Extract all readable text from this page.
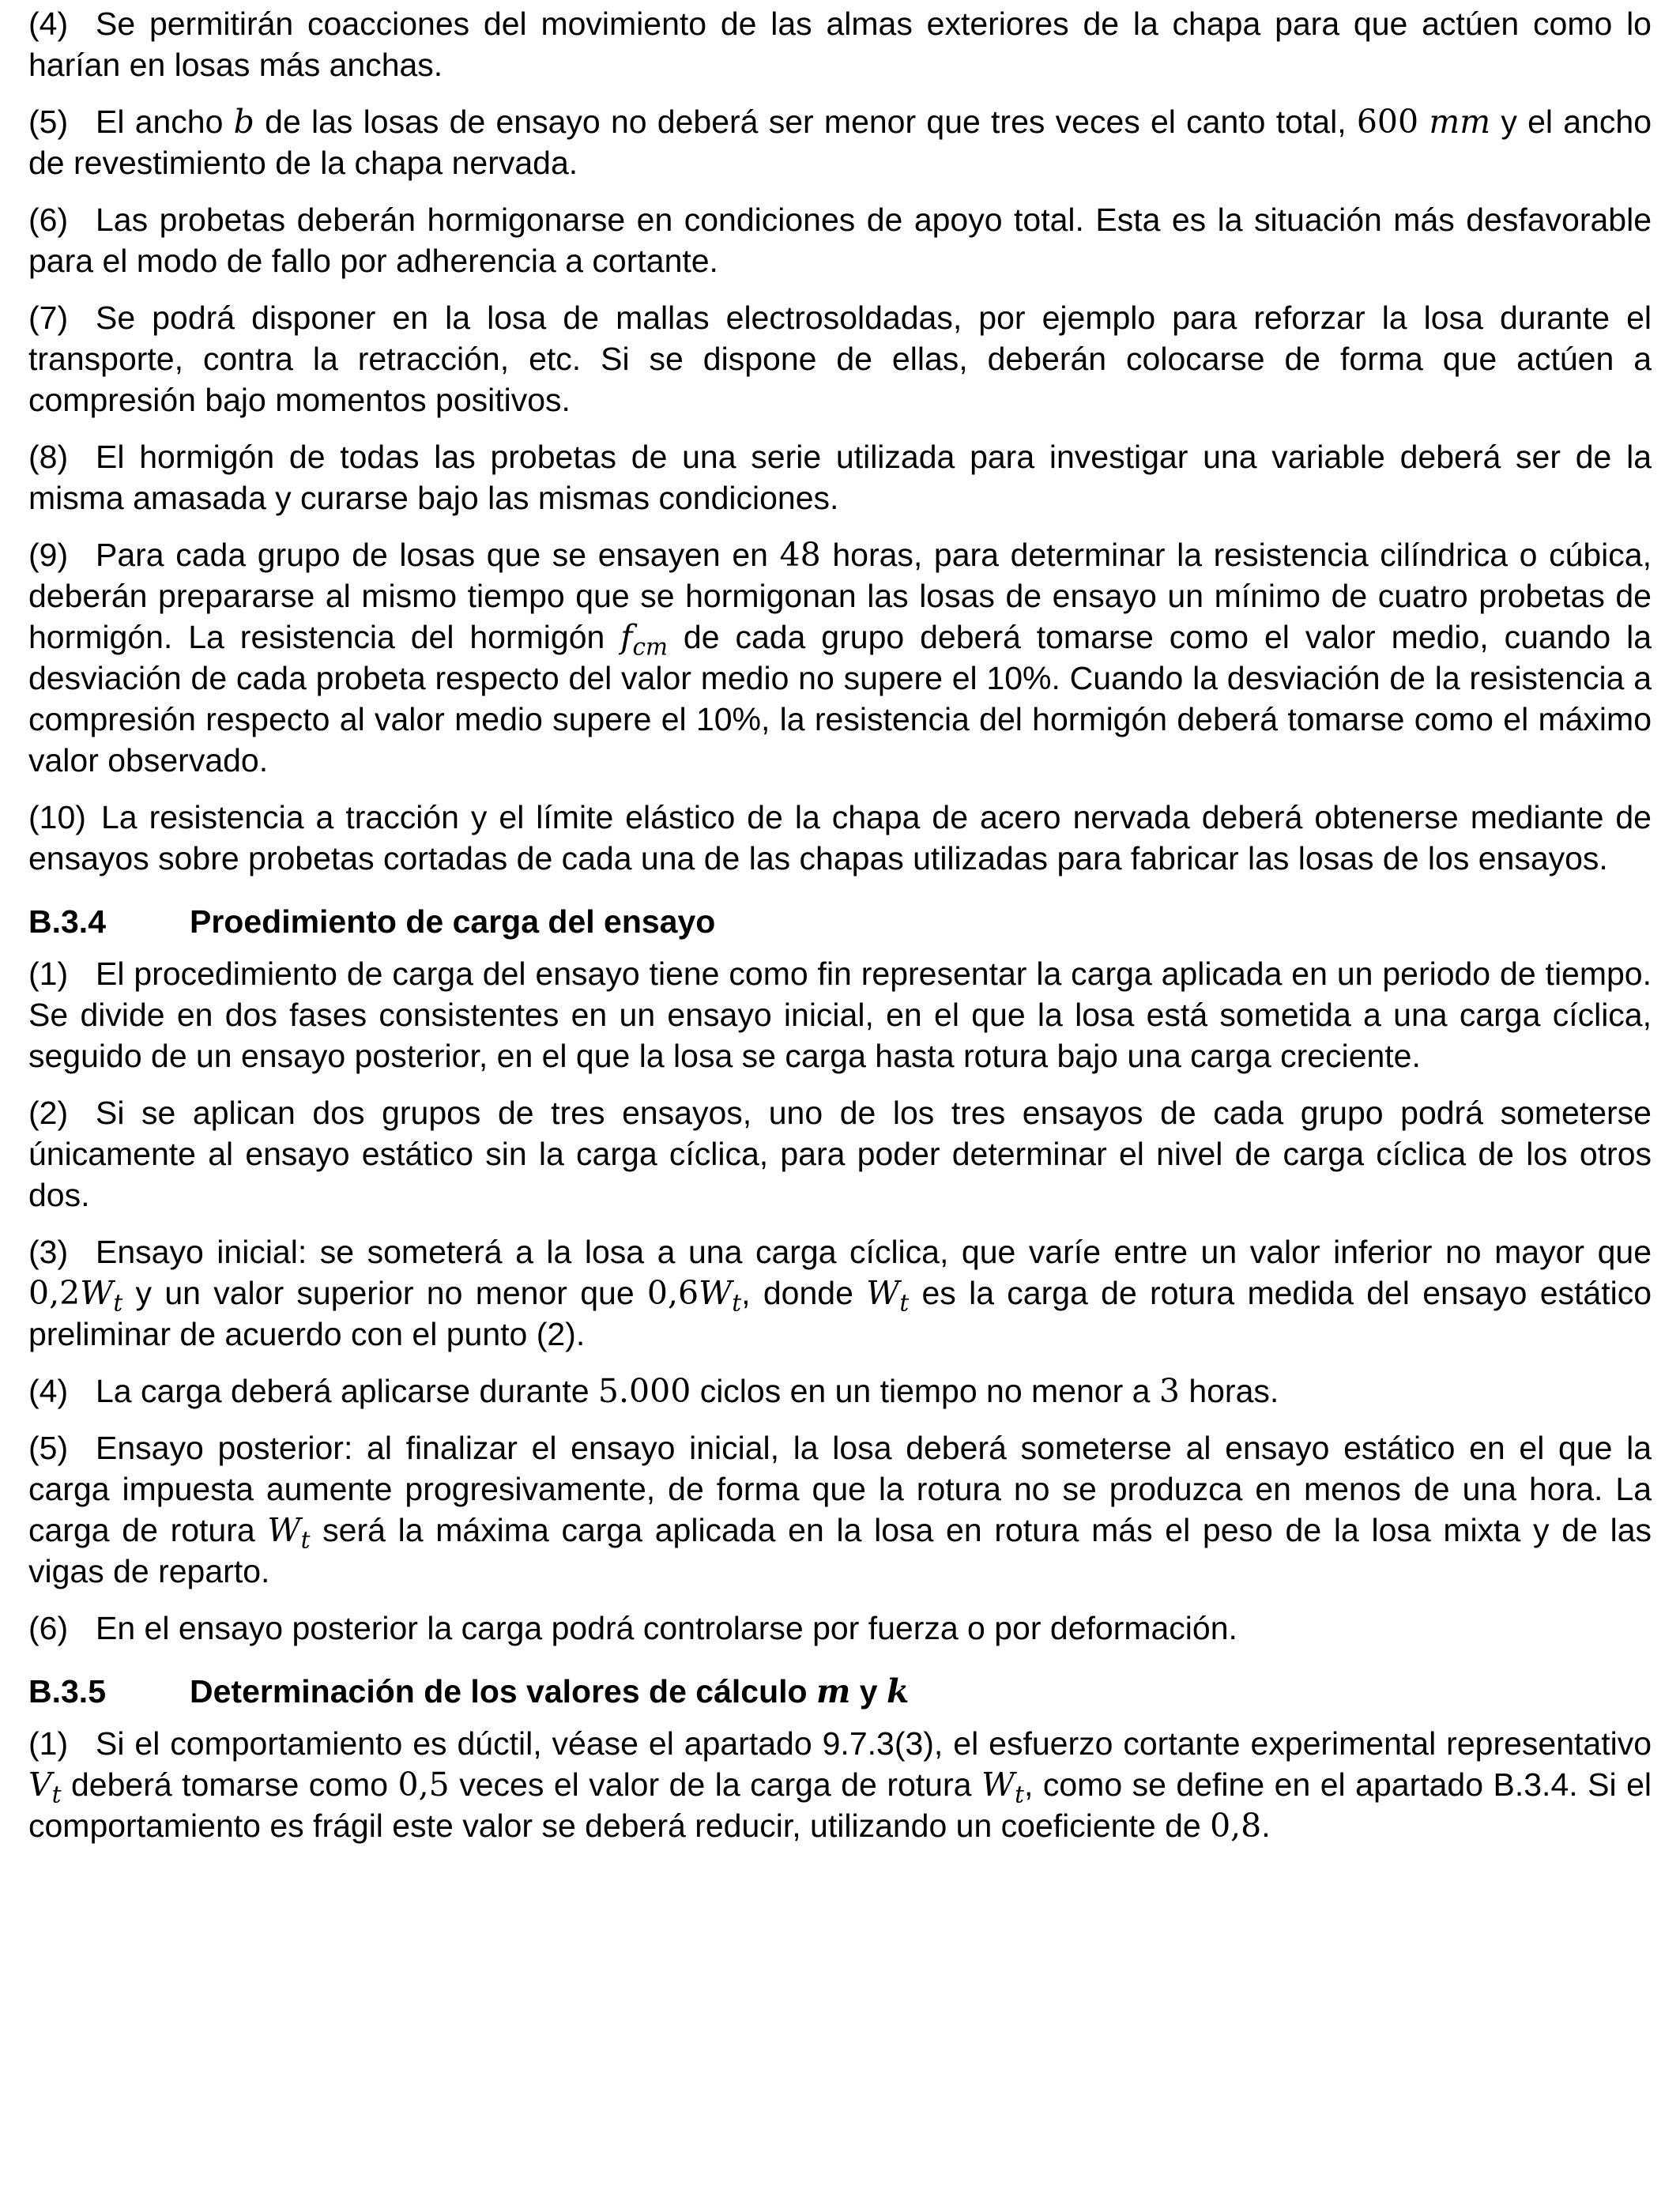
(4) Se permitirán coacciones del movimiento de las almas exteriores de la chapa para que actúen como lo harían en losas más anchas.

(5) El ancho b de las losas de ensayo no deberá ser menor que tres veces el canto total, 600 mm y el ancho de revestimiento de la chapa nervada.

(6) Las probetas deberán hormigonarse en condiciones de apoyo total. Esta es la situación más desfavorable para el modo de fallo por adherencia a cortante.

(7) Se podrá disponer en la losa de mallas electrosoldadas, por ejemplo para reforzar la losa durante el transporte, contra la retracción, etc. Si se dispone de ellas, deberán colocarse de forma que actúen a compresión bajo momentos positivos.

(8) El hormigón de todas las probetas de una serie utilizada para investigar una variable deberá ser de la misma amasada y curarse bajo las mismas condiciones.

(9) Para cada grupo de losas que se ensayen en 48 horas, para determinar la resistencia cilíndrica o cúbica, deberán prepararse al mismo tiempo que se hormigonan las losas de ensayo un mínimo de cuatro probetas de hormigón. La resistencia del hormigón $f_{cm}$ de cada grupo deberá tomarse como el valor medio, cuando la desviación de cada probeta respecto del valor medio no supere el 10%. Cuando la desviación de la resistencia a compresión respecto al valor medio supere el 10%, la resistencia del hormigón deberá tomarse como el máximo valor observado.

(10) La resistencia a tracción y el límite elástico de la chapa de acero nervada deberá obtenerse mediante de ensayos sobre probetas cortadas de cada una de las chapas utilizadas para fabricar las losas de los ensayos.

B.3.4	Proedimiento de carga del ensayo

(1) El procedimiento de carga del ensayo tiene como fin representar la carga aplicada en un periodo de tiempo. Se divide en dos fases consistentes en un ensayo inicial, en el que la losa está sometida a una carga cíclica, seguido de un ensayo posterior, en el que la losa se carga hasta rotura bajo una carga creciente.

(2) Si se aplican dos grupos de tres ensayos, uno de los tres ensayos de cada grupo podrá someterse únicamente al ensayo estático sin la carga cíclica, para poder determinar el nivel de carga cíclica de los otros dos.

(3) Ensayo inicial: se someterá a la losa a una carga cíclica, que varíe entre un valor inferior no mayor que $0,2W_t$ y un valor superior no menor que $0,6W_t$, donde $W_t$ es la carga de rotura medida del ensayo estático preliminar de acuerdo con el punto (2).

(4) La carga deberá aplicarse durante 5.000 ciclos en un tiempo no menor a 3 horas.

(5) Ensayo posterior: al finalizar el ensayo inicial, la losa deberá someterse al ensayo estático en el que la carga impuesta aumente progresivamente, de forma que la rotura no se produzca en menos de una hora. La carga de rotura $W_t$ será la máxima carga aplicada en la losa en rotura más el peso de la losa mixta y de las vigas de reparto.

(6) En el ensayo posterior la carga podrá controlarse por fuerza o por deformación.

B.3.5	Determinación de los valores de cálculo m y k

(1) Si el comportamiento es dúctil, véase el apartado 9.7.3(3), el esfuerzo cortante experimental representativo $V_t$ deberá tomarse como 0,5 veces el valor de la carga de rotura $W_t$, como se define en el apartado B.3.4. Si el comportamiento es frágil este valor se deberá reducir, utilizando un coeficiente de 0,8.
